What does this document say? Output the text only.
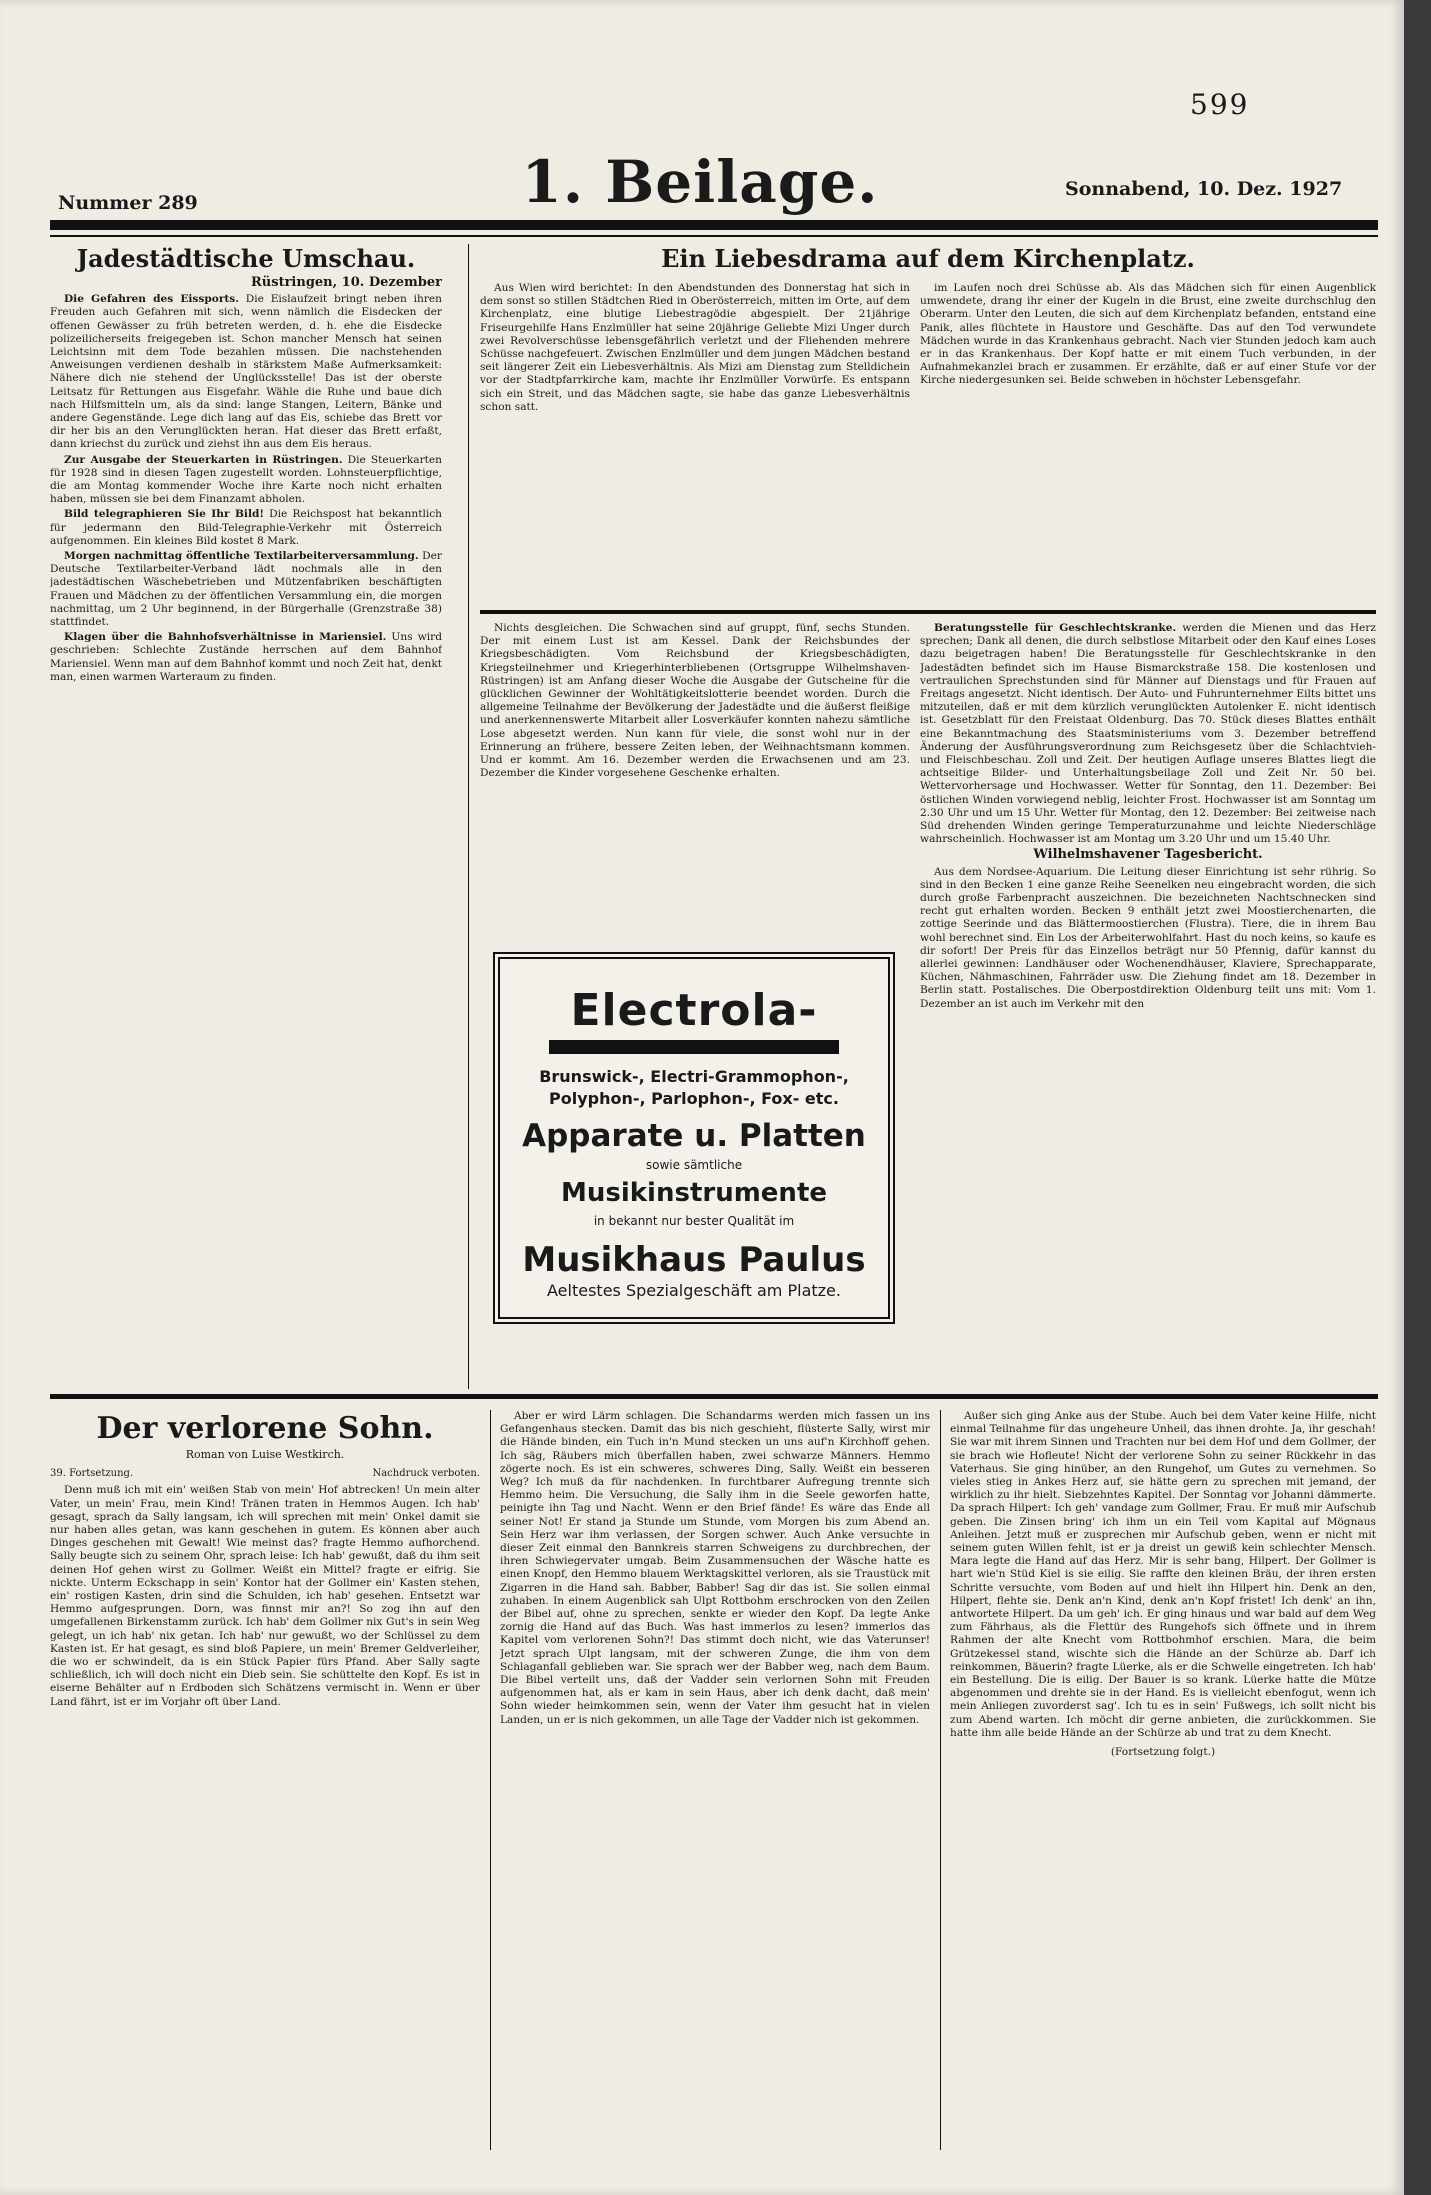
599
Nummer 289	1. Beilage.	Sonnabend, 10. Dez. 1927
Jadestädtische Umschau.
Rüstringen, 10. Dezember

Die Gefahren des Eissports. Die Eislaufzeit bringt neben ihren Freuden auch Gefahren mit sich, wenn nämlich die Eisdecken der offenen Gewässer zu früh betreten werden, d. h. ehe die Eisdecke polizeilicherseits freigegeben ist. Schon mancher Mensch hat seinen Leichtsinn mit dem Tode bezahlen müssen. Die nachstehenden Anweisungen verdienen deshalb in stärkstem Maße Aufmerksamkeit: Nähere dich nie stehend der Unglücksstelle! Das ist der oberste Leitsatz für Rettungen aus Eisgefahr. Wähle die Ruhe und baue dich nach Hilfsmitteln um, als da sind: lange Stangen, Leitern, Bänke und andere Gegenstände. Lege dich lang auf das Eis, schiebe das Brett vor dir her bis an den Verunglückten heran. Hat dieser das Brett erfaßt, dann kriechst du zurück und ziehst ihn aus dem Eis heraus.

Zur Ausgabe der Steuerkarten in Rüstringen. Die Steuerkarten für 1928 sind in diesen Tagen zugestellt worden. Lohnsteuerpflichtige, die am Montag kommender Woche ihre Karte noch nicht erhalten haben, müssen sie bei dem Finanzamt abholen.

Bild telegraphieren Sie Ihr Bild! Die Reichspost hat bekanntlich für jedermann den Bild-Telegraphie-Verkehr mit Österreich aufgenommen. Ein kleines Bild kostet 8 Mark.

Morgen nachmittag öffentliche Textilarbeiterversammlung. Der Deutsche Textilarbeiter-Verband lädt nochmals alle in den jadestädtischen Wäschebetrieben und Mützenfabriken beschäftigten Frauen und Mädchen zu der öffentlichen Versammlung ein, die morgen nachmittag, um 2 Uhr beginnend, in der Bürgerhalle (Grenzstraße 38) stattfindet.

Klagen über die Bahnhofsverhältnisse in Mariensiel. Uns wird geschrieben: Schlechte Zustände herrschen auf dem Bahnhof Mariensiel. Wenn man auf dem Bahnhof kommt und noch Zeit hat, denkt man, einen warmen Warteraum zu finden.

Ein Liebesdrama auf dem Kirchenplatz.

Aus Wien wird berichtet: In den Abendstunden des Donnerstag hat sich in dem sonst so stillen Städtchen Ried in Oberösterreich, mitten im Orte, auf dem Kirchenplatz, eine blutige Liebestragödie abgespielt. Der 21jährige Friseurgehilfe Hans Enzlmüller hat seine 20jährige Geliebte Mizi Unger durch zwei Revolverschüsse lebensgefährlich verletzt und der Fliehenden mehrere Schüsse nachgefeuert. Zwischen Enzlmüller und dem jungen Mädchen bestand seit längerer Zeit ein Liebesverhältnis. Als Mizi am Dienstag zum Stelldichein vor der Stadtpfarrkirche kam, machte ihr Enzlmüller Vorwürfe. Es entspann sich ein Streit, und das Mädchen sagte, sie habe das ganze Liebesverhältnis schon satt.

im Laufen noch drei Schüsse ab. Als das Mädchen sich für einen Augenblick umwendete, drang ihr einer der Kugeln in die Brust, eine zweite durchschlug den Oberarm. Unter den Leuten, die sich auf dem Kirchenplatz befanden, entstand eine Panik, alles flüchtete in Haustore und Geschäfte. Das auf den Tod verwundete Mädchen wurde in das Krankenhaus gebracht. Nach vier Stunden jedoch kam auch er in das Krankenhaus. Der Kopf hatte er mit einem Tuch verbunden, in der Aufnahmekanzlei brach er zusammen. Er erzählte, daß er auf einer Stufe vor der Kirche niedergesunken sei. Beide schweben in höchster Lebensgefahr.

Nichts desgleichen. Die Schwachen sind auf gruppt, fünf, sechs Stunden. Der mit einem Lust ist am Kessel. Dank der Reichsbundes der Kriegsbeschädigten. Vom Reichsbund der Kriegsbeschädigten, Kriegsteilnehmer und Kriegerhinterbliebenen (Ortsgruppe Wilhelmshaven-Rüstringen) ist am Anfang dieser Woche die Ausgabe der Gutscheine für die glücklichen Gewinner der Wohltätigkeitslotterie beendet worden. Durch die allgemeine Teilnahme der Bevölkerung der Jadestädte und die äußerst fleißige und anerkennenswerte Mitarbeit aller Losverkäufer konnten nahezu sämtliche Lose abgesetzt werden. Nun kann für viele, die sonst wohl nur in der Erinnerung an frühere, bessere Zeiten leben, der Weihnachtsmann kommen. Und er kommt. Am 16. Dezember werden die Erwachsenen und am 23. Dezember die Kinder vorgesehene Geschenke erhalten.

Beratungsstelle für Geschlechtskranke. werden die Mienen und das Herz sprechen; Dank all denen, die durch selbstlose Mitarbeit oder den Kauf eines Loses dazu beigetragen haben! Die Beratungsstelle für Geschlechtskranke in den Jadestädten befindet sich im Hause Bismarckstraße 158. Die kostenlosen und vertraulichen Sprechstunden sind für Männer auf Dienstags und für Frauen auf Freitags angesetzt. Nicht identisch. Der Auto- und Fuhrunternehmer Eilts bittet uns mitzuteilen, daß er mit dem kürzlich verunglückten Autolenker E. nicht identisch ist. Gesetzblatt für den Freistaat Oldenburg. Das 70. Stück dieses Blattes enthält eine Bekanntmachung des Staatsministeriums vom 3. Dezember betreffend Änderung der Ausführungsverordnung zum Reichsgesetz über die Schlachtvieh- und Fleischbeschau. Zoll und Zeit. Der heutigen Auflage unseres Blattes liegt die achtseitige Bilder- und Unterhaltungsbeilage Zoll und Zeit Nr. 50 bei. Wettervorhersage und Hochwasser. Wetter für Sonntag, den 11. Dezember: Bei östlichen Winden vorwiegend neblig, leichter Frost. Hochwasser ist am Sonntag um 2.30 Uhr und um 15 Uhr. Wetter für Montag, den 12. Dezember: Bei zeitweise nach Süd drehenden Winden geringe Temperaturzunahme und leichte Niederschläge wahrscheinlich. Hochwasser ist am Montag um 3.20 Uhr und um 15.40 Uhr.

Wilhelmshavener Tagesbericht.

Aus dem Nordsee-Aquarium. Die Leitung dieser Einrichtung ist sehr rührig. So sind in den Becken 1 eine ganze Reihe Seenelken neu eingebracht worden, die sich durch große Farbenpracht auszeichnen. Die bezeichneten Nachtschnecken sind recht gut erhalten worden. Becken 9 enthält jetzt zwei Moostierchenarten, die zottige Seerinde und das Blättermoostierchen (Flustra). Tiere, die in ihrem Bau wohl berechnet sind. Ein Los der Arbeiterwohlfahrt. Hast du noch keins, so kaufe es dir sofort! Der Preis für das Einzellos beträgt nur 50 Pfennig, dafür kannst du allerlei gewinnen: Landhäuser oder Wochenendhäuser, Klaviere, Sprechapparate, Küchen, Nähmaschinen, Fahrräder usw. Die Ziehung findet am 18. Dezember in Berlin statt. Postalisches. Die Oberpostdirektion Oldenburg teilt uns mit: Vom 1. Dezember an ist auch im Verkehr mit den

Electrola-
Brunswick-, Electri-Grammophon-,
Polyphon-, Parlophon-, Fox- etc.
Apparate u. Platten
sowie sämtliche
Musikinstrumente
in bekannt nur bester Qualität im
Musikhaus Paulus
Aeltestes Spezialgeschäft am Platze.
Der verlorene Sohn.
Roman von Luise Westkirch.
39. Fortsetzung.	Nachdruck verboten.

Denn muß ich mit ein' weißen Stab von mein' Hof abtrecken! Un mein alter Vater, un mein' Frau, mein Kind! Tränen traten in Hemmos Augen. Ich hab' gesagt, sprach da Sally langsam, ich will sprechen mit mein' Onkel damit sie nur haben alles getan, was kann geschehen in gutem. Es können aber auch Dinges geschehen mit Gewalt! Wie meinst das? fragte Hemmo aufhorchend. Sally beugte sich zu seinem Ohr, sprach leise: Ich hab' gewußt, daß du ihm seit deinen Hof gehen wirst zu Gollmer. Weißt ein Mittel? fragte er eifrig. Sie nickte. Unterm Eckschapp in sein' Kontor hat der Gollmer ein' Kasten stehen, ein' rostigen Kasten, drin sind die Schulden, ich hab' gesehen. Entsetzt war Hemmo aufgesprungen. Dorn, was finnst mir an?! So zog ihn auf den umgefallenen Birkenstamm zurück. Ich hab' dem Gollmer nix Gut's in sein Weg gelegt, un ich hab' nix getan. Ich hab' nur gewußt, wo der Schlüssel zu dem Kasten ist. Er hat gesagt, es sind bloß Papiere, un mein' Bremer Geldverleiher, die wo er schwindelt, da is ein Stück Papier fürs Pfand. Aber Sally sagte schließlich, ich will doch nicht ein Dieb sein. Sie schüttelte den Kopf. Es ist in eiserne Behälter auf n Erdboden sich Schätzens vermischt in. Wenn er über Land fährt, ist er im Vorjahr oft über Land.

Aber er wird Lärm schlagen. Die Schandarms werden mich fassen un ins Gefangenhaus stecken. Damit das bis nich geschieht, flüsterte Sally, wirst mir die Hände binden, ein Tuch in'n Mund stecken un uns auf'n Kirchhoff gehen. Ich säg, Räubers mich überfallen haben, zwei schwarze Männers. Hemmo zögerte noch. Es ist ein schweres, schweres Ding, Sally. Weißt ein besseren Weg? Ich muß da für nachdenken. In furchtbarer Aufregung trennte sich Hemmo heim. Die Versuchung, die Sally ihm in die Seele geworfen hatte, peinigte ihn Tag und Nacht. Wenn er den Brief fände! Es wäre das Ende all seiner Not! Er stand ja Stunde um Stunde, vom Morgen bis zum Abend an. Sein Herz war ihm verlassen, der Sorgen schwer. Auch Anke versuchte in dieser Zeit einmal den Bannkreis starren Schweigens zu durchbrechen, der ihren Schwiegervater umgab. Beim Zusammensuchen der Wäsche hatte es einen Knopf, den Hemmo blauem Werktagskittel verloren, als sie Traustück mit Zigarren in die Hand sah. Babber, Babber! Sag dir das ist. Sie sollen einmal zuhaben. In einem Augenblick sah Ulpt Rottbohm erschrocken von den Zeilen der Bibel auf, ohne zu sprechen, senkte er wieder den Kopf. Da legte Anke zornig die Hand auf das Buch. Was hast immerlos zu lesen? immerlos das Kapitel vom verlorenen Sohn?! Das stimmt doch nicht, wie das Vaterunser! Jetzt sprach Ulpt langsam, mit der schweren Zunge, die ihm von dem Schlaganfall geblieben war. Sie sprach wer der Babber weg, nach dem Baum. Die Bibel verteilt uns, daß der Vadder sein verlornen Sohn mit Freuden aufgenommen hat, als er kam in sein Haus, aber ich denk dacht, daß mein' Sohn wieder heimkommen sein, wenn der Vater ihm gesucht hat in vielen Landen, un er is nich gekommen, un alle Tage der Vadder nich ist gekommen.

Außer sich ging Anke aus der Stube. Auch bei dem Vater keine Hilfe, nicht einmal Teilnahme für das ungeheure Unheil, das ihnen drohte. Ja, ihr geschah! Sie war mit ihrem Sinnen und Trachten nur bei dem Hof und dem Gollmer, der sie brach wie Hofleute! Nicht der verlorene Sohn zu seiner Rückkehr in das Vaterhaus. Sie ging hinüber, an den Rungehof, um Gutes zu vernehmen. So vieles stieg in Ankes Herz auf, sie hätte gern zu sprechen mit jemand, der wirklich zu ihr hielt. Siebzehntes Kapitel. Der Sonntag vor Johanni dämmerte. Da sprach Hilpert: Ich geh' vandage zum Gollmer, Frau. Er muß mir Aufschub geben. Die Zinsen bring' ich ihm un ein Teil vom Kapital auf Mögnaus Anleihen. Jetzt muß er zusprechen mir Aufschub geben, wenn er nicht mit seinem guten Willen fehlt, ist er ja dreist un gewiß kein schlechter Mensch. Mara legte die Hand auf das Herz. Mir is sehr bang, Hilpert. Der Gollmer is hart wie'n Stüd Kiel is sie eilig. Sie raffte den kleinen Bräu, der ihren ersten Schritte versuchte, vom Boden auf und hielt ihn Hilpert hin. Denk an den, Hilpert, flehte sie. Denk an'n Kind, denk an'n Kopf fristet! Ich denk' an ihn, antwortete Hilpert. Da um geh' ich. Er ging hinaus und war bald auf dem Weg zum Fährhaus, als die Flettür des Rungehofs sich öffnete und in ihrem Rahmen der alte Knecht vom Rottbohmhof erschien. Mara, die beim Grützekessel stand, wischte sich die Hände an der Schürze ab. Darf ich reinkommen, Bäuerin? fragte Lüerke, als er die Schwelle eingetreten. Ich hab' ein Bestellung. Die is eilig. Der Bauer is so krank. Lüerke hatte die Mütze abgenommen und drehte sie in der Hand. Es is vielleicht ebenfogut, wenn ich mein Anliegen zuvorderst sag'. Ich tu es in sein' Fußwegs, ich sollt nicht bis zum Abend warten. Ich möcht dir gerne anbieten, die zurückkommen. Sie hatte ihm alle beide Hände an der Schürze ab und trat zu dem Knecht.

(Fortsetzung folgt.)
